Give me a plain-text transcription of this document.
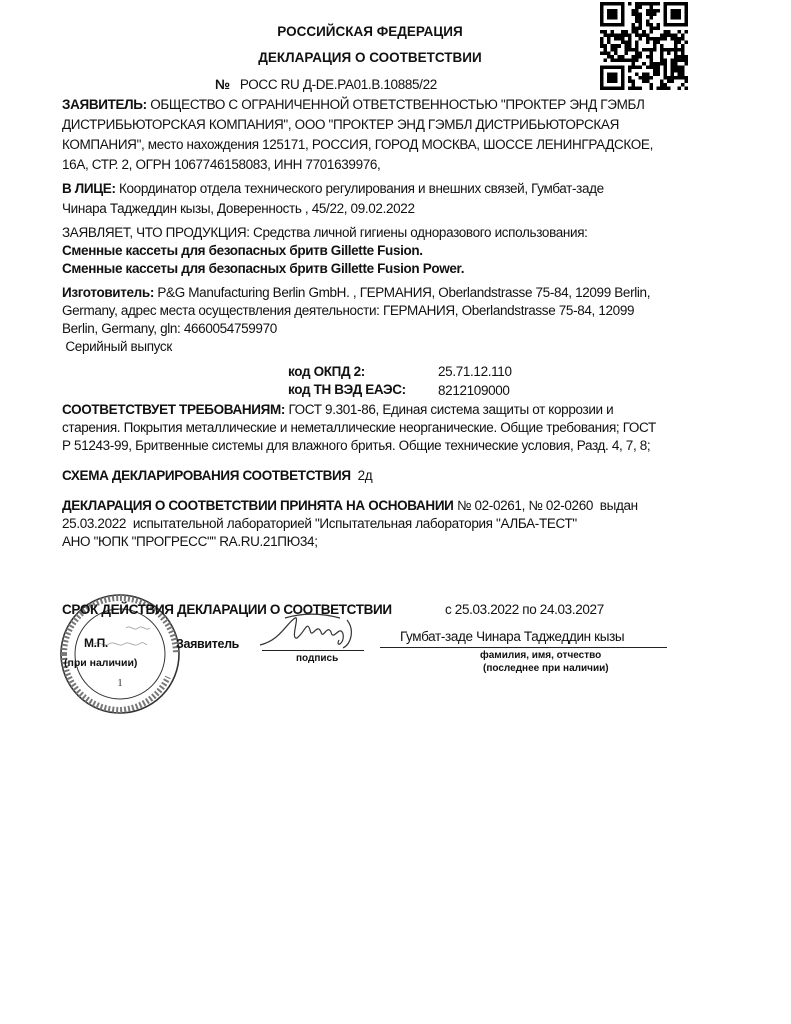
РОССИЙСКАЯ ФЕДЕРАЦИЯ
ДЕКЛАРАЦИЯ О СООТВЕТСТВИИ
№ РОСС RU Д-DE.РА01.В.10885/22
ЗАЯВИТЕЛЬ: ОБЩЕСТВО С ОГРАНИЧЕННОЙ ОТВЕТСТВЕННОСТЬЮ "ПРОКТЕР ЭНД ГЭМБЛ
ДИСТРИБЬЮТОРСКАЯ КОМПАНИЯ", ООО "ПРОКТЕР ЭНД ГЭМБЛ ДИСТРИБЬЮТОРСКАЯ
КОМПАНИЯ", место нахождения 125171, РОССИЯ, ГОРОД МОСКВА, ШОССЕ ЛЕНИНГРАДСКОЕ,
16А, СТР. 2, ОГРН 1067746158083, ИНН 7701639976,
В ЛИЦЕ: Координатор отдела технического регулирования и внешних связей, Гумбат-заде
Чинара Таджеддин кызы, Доверенность , 45/22, 09.02.2022
ЗАЯВЛЯЕТ, ЧТО ПРОДУКЦИЯ: Средства личной гигиены одноразового использования:
Сменные кассеты для безопасных бритв Gillette Fusion.
Сменные кассеты для безопасных бритв Gillette Fusion Power.
Изготовитель: P&G Manufacturing Berlin GmbH. , ГЕРМАНИЯ, Oberlandstrasse 75-84, 12099 Berlin,
Germany, адрес места осуществления деятельности: ГЕРМАНИЯ, Oberlandstrasse 75-84, 12099
Berlin, Germany, gln: 4660054759970
Серийный выпуск
код ОКПД 2:	25.71.12.110
код ТН ВЭД ЕАЭС: 8212109000
СООТВЕТСТВУЕТ ТРЕБОВАНИЯМ: ГОСТ 9.301-86, Единая система защиты от коррозии и
старения. Покрытия металлические и неметаллические неорганические. Общие требования; ГОСТ
Р 51243-99, Бритвенные системы для влажного бритья. Общие технические условия, Разд. 4, 7, 8;
СХЕМА ДЕКЛАРИРОВАНИЯ СООТВЕТСТВИЯ 2д
ДЕКЛАРАЦИЯ О СООТВЕТСТВИИ ПРИНЯТА НА ОСНОВАНИИ № 02-0261, № 02-0260  выдан
25.03.2022  испытательной лабораторией "Испытательная лаборатория "АЛБА-ТЕСТ"
АНО "ЮПК "ПРОГРЕСС"" RA.RU.21ПЮ34;
1
СРОК ДЕЙСТВИЯ ДЕКЛАРАЦИИ О СООТВЕТСТВИИ	с 25.03.2022 по 24.03.2027
М.П.
(при наличии)
Заявитель
подпись
Гумбат-заде Чинара Таджеддин кызы
фамилия, имя, отчество
(последнее при наличии)
